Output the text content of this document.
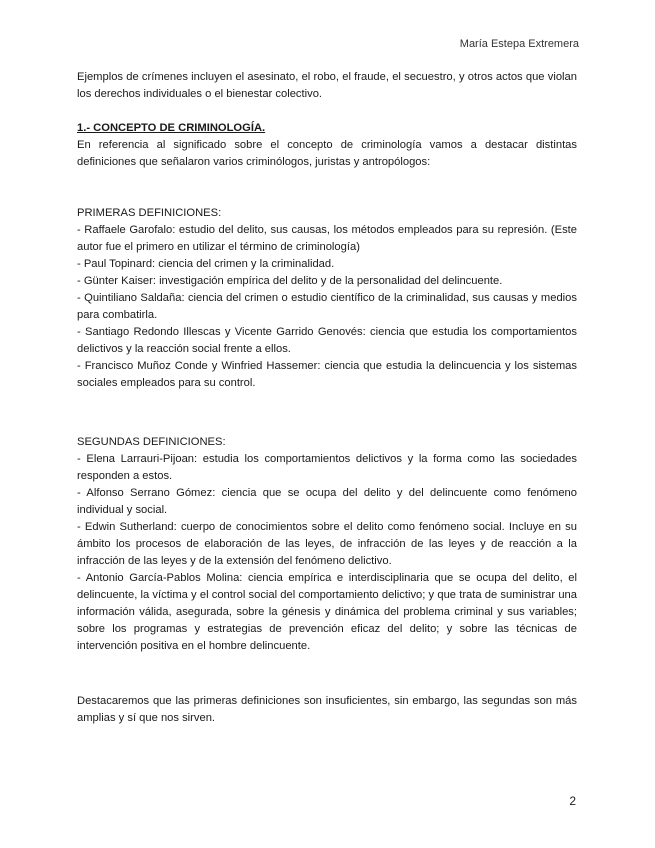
María Estepa Extremera

Ejemplos de crímenes incluyen el asesinato, el robo, el fraude, el secuestro, y otros actos que violan los derechos individuales o el bienestar colectivo.

1.- CONCEPTO DE CRIMINOLOGÍA.

En referencia al significado sobre el concepto de criminología vamos a destacar distintas definiciones que señalaron varios criminólogos, juristas y antropólogos:

PRIMERAS DEFINICIONES:

- Raffaele Garofalo: estudio del delito, sus causas, los métodos empleados para su represión. (Este autor fue el primero en utilizar el término de criminología)

- Paul Topinard: ciencia del crimen y la criminalidad.

- Günter Kaiser: investigación empírica del delito y de la personalidad del delincuente.

- Quintiliano Saldaña: ciencia del crimen o estudio científico de la criminalidad, sus causas y medios para combatirla.

- Santiago Redondo Illescas y Vicente Garrido Genovés: ciencia que estudia los comportamientos delictivos y la reacción social frente a ellos.

- Francisco Muñoz Conde y Winfried Hassemer: ciencia que estudia la delincuencia y los sistemas sociales empleados para su control.

SEGUNDAS DEFINICIONES:

- Elena Larrauri-Pijoan: estudia los comportamientos delictivos y la forma como las sociedades responden a estos.

- Alfonso Serrano Gómez: ciencia que se ocupa del delito y del delincuente como fenómeno individual y social.

- Edwin Sutherland: cuerpo de conocimientos sobre el delito como fenómeno social. Incluye en su ámbito los procesos de elaboración de las leyes, de infracción de las leyes y de reacción a la infracción de las leyes y de la extensión del fenómeno delictivo.

- Antonio García-Pablos Molina: ciencia empírica e interdisciplinaria que se ocupa del delito, el delincuente, la víctima y el control social del comportamiento delictivo; y que trata de suministrar una información válida, asegurada, sobre la génesis y dinámica del problema criminal y sus variables; sobre los programas y estrategias de prevención eficaz del delito; y sobre las técnicas de intervención positiva en el hombre delincuente.

Destacaremos que las primeras definiciones son insuficientes, sin embargo, las segundas son más amplias y sí que nos sirven.

2
